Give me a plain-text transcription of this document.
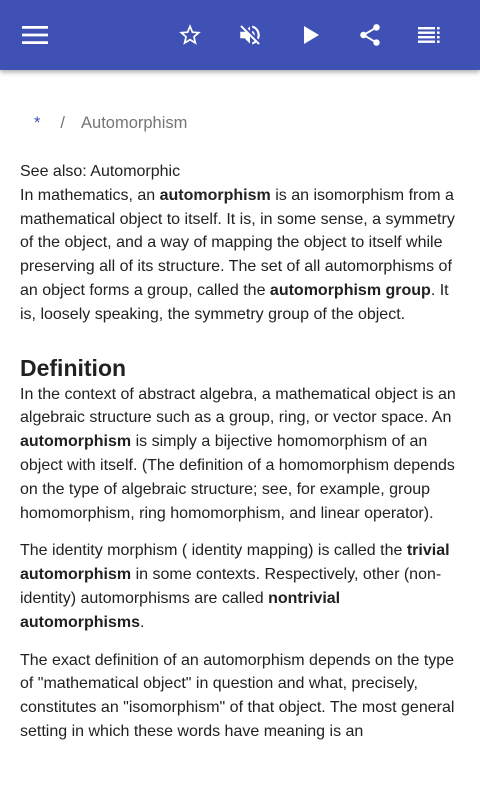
* / Automorphism

See also: Automorphic

In mathematics, an automorphism is an isomorphism from a mathematical object to itself. It is, in some sense, a symmetry of the object, and a way of mapping the object to itself while preserving all of its structure. The set of all automorphisms of an object forms a group, called the automorphism group. It is, loosely speaking, the symmetry group of the object.

Definition

In the context of abstract algebra, a mathematical object is an algebraic structure such as a group, ring, or vector space. An automorphism is simply a bijective homomorphism of an object with itself. (The definition of a homomorphism depends on the type of algebraic structure; see, for example, group homomorphism, ring homomorphism, and linear operator).

The identity morphism ( identity mapping) is called the trivial automorphism in some contexts. Respectively, other (non-identity) automorphisms are called nontrivial automorphisms.

The exact definition of an automorphism depends on the type of "mathematical object" in question and what, precisely, constitutes an "isomorphism" of that object. The most general setting in which these words have meaning is an
